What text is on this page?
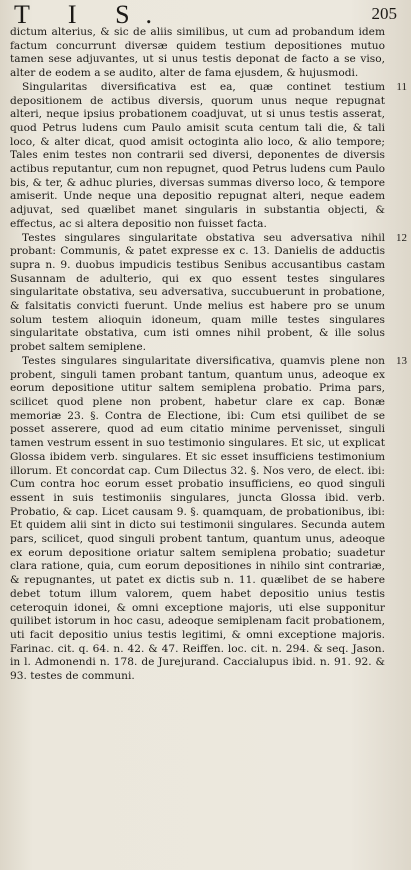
T I S.	205

dictum alterius, & sic de aliis similibus, ut cum ad probandum idem factum concurrunt diversæ quidem testium depositiones mutuo tamen sese adjuvantes, ut si unus testis deponat de facto a se viso, alter de eodem a se audito, alter de fama ejusdem, & hujusmodi.

11
Singularitas diversificativa est ea, quæ continet testium depositionem de actibus diversis, quorum unus neque repugnat alteri, neque ipsius probationem coadjuvat, ut si unus testis asserat, quod Petrus ludens cum Paulo amisit scuta centum tali die, & tali loco, & alter dicat, quod amisit octoginta alio loco, & alio tempore; Tales enim testes non contrarii sed diversi, deponentes de diversis actibus reputantur, cum non repugnet, quod Petrus ludens cum Paulo bis, & ter, & adhuc pluries, diversas summas diverso loco, & tempore amiserit. Unde neque una depositio repugnat alteri, neque eadem adjuvat, sed quælibet manet singularis in substantia objecti, & effectus, ac si altera depositio non fuisset facta.

12
Testes singulares singularitate obstativa seu adversativa nihil probant: Communis, & patet expresse ex c. 13. Danielis de adductis supra n. 9. duobus impudicis testibus Senibus accusantibus castam Susannam de adulterio, qui ex quo essent testes singulares singularitate obstativa, seu adversativa, succubuerunt in probatione, & falsitatis convicti fuerunt. Unde melius est habere pro se unum solum testem alioquin idoneum, quam mille testes singulares singularitate obstativa, cum isti omnes nihil probent, & ille solus probet saltem semiplene.

13
Testes singulares singularitate diversificativa, quamvis plene non probent, singuli tamen probant tantum, quantum unus, adeoque ex eorum depositione utitur saltem semiplena probatio. Prima pars, scilicet quod plene non probent, habetur clare ex cap. Bonæ memoriæ 23. §. Contra de Electione, ibi: Cum etsi quilibet de se posset asserere, quod ad eum citatio minime pervenisset, singuli tamen vestrum essent in suo testimonio singulares. Et sic, ut explicat Glossa ibidem verb. singulares. Et sic esset insufficiens testimonium illorum. Et concordat cap. Cum Dilectus 32. §. Nos vero, de elect. ibi: Cum contra hoc eorum esset probatio insufficiens, eo quod singuli essent in suis testimoniis singulares, juncta Glossa ibid. verb. Probatio, & cap. Licet causam 9. §. quamquam, de probationibus, ibi: Et quidem alii sint in dicto sui testimonii singulares. Secunda autem pars, scilicet, quod singuli probent tantum, quantum unus, adeoque ex eorum depositione oriatur saltem semiplena probatio; suadetur clara ratione, quia, cum eorum depositiones in nihilo sint contrariæ, & repugnantes, ut patet ex dictis sub n. 11. quælibet de se habere debet totum illum valorem, quem habet depositio unius testis ceteroquin idonei, & omni exceptione majoris, uti else supponitur quilibet istorum in hoc casu, adeoque semiplenam facit probationem, uti facit depositio unius testis legitimi, & omni exceptione majoris. Farinac. cit. q. 64. n. 42. & 47. Reiffen. loc. cit. n. 294. & seq. Jason. in l. Admonendi n. 178. de Jurejurand. Caccialupus ibid. n. 91. 92. & 93. testes de communi.
